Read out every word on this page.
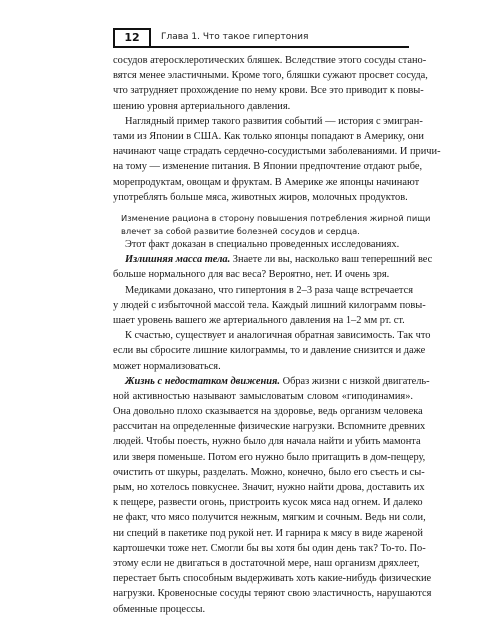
12	Глава 1. Что такое гипертония
сосудов атеросклеротических бляшек. Вследствие этого сосуды стано-
вятся менее эластичными. Кроме того, бляшки сужают просвет сосуда,
что затрудняет прохождение по нему крови. Все это приводит к повы-
шению уровня артериального давления.
Наглядный пример такого развития событий — история с эмигран-
тами из Японии в США. Как только японцы попадают в Америку, они
начинают чаще страдать сердечно-сосудистыми заболеваниями. И причи-
на тому — изменение питания. В Японии предпочтение отдают рыбе,
морепродуктам, овощам и фруктам. В Америке же японцы начинают
употреблять больше мяса, животных жиров, молочных продуктов.
Изменение рациона в сторону повышения потребления жирной пищи
влечет за собой развитие болезней сосудов и сердца.
Этот факт доказан в специально проведенных исследованиях.
Излишняя масса тела. Знаете ли вы, насколько ваш теперешний вес
больше нормального для вас веса? Вероятно, нет. И очень зря.
Медиками доказано, что гипертония в 2–3 раза чаще встречается
у людей с избыточной массой тела. Каждый лишний килограмм повы-
шает уровень вашего же артериального давления на 1–2 мм рт. ст.
К счастью, существует и аналогичная обратная зависимость. Так что
если вы сбросите лишние килограммы, то и давление снизится и даже
может нормализоваться.
Жизнь с недостатком движения. Образ жизни с низкой двигатель-
ной активностью называют замысловатым словом «гиподинамия».
Она довольно плохо сказывается на здоровье, ведь организм человека
рассчитан на определенные физические нагрузки. Вспомните древних
людей. Чтобы поесть, нужно было для начала найти и убить мамонта
или зверя поменьше. Потом его нужно было притащить в дом-пещеру,
очистить от шкуры, разделать. Можно, конечно, было его съесть и сы-
рым, но хотелось повкуснее. Значит, нужно найти дрова, доставить их
к пещере, развести огонь, пристроить кусок мяса над огнем. И далеко
не факт, что мясо получится нежным, мягким и сочным. Ведь ни соли,
ни специй в пакетике под рукой нет. И гарнира к мясу в виде жареной
картошечки тоже нет. Смогли бы вы хотя бы один день так? То-то. По-
этому если не двигаться в достаточной мере, наш организм дряхлеет,
перестает быть способным выдерживать хоть какие-нибудь физические
нагрузки. Кровеносные сосуды теряют свою эластичность, нарушаются
обменные процессы.
